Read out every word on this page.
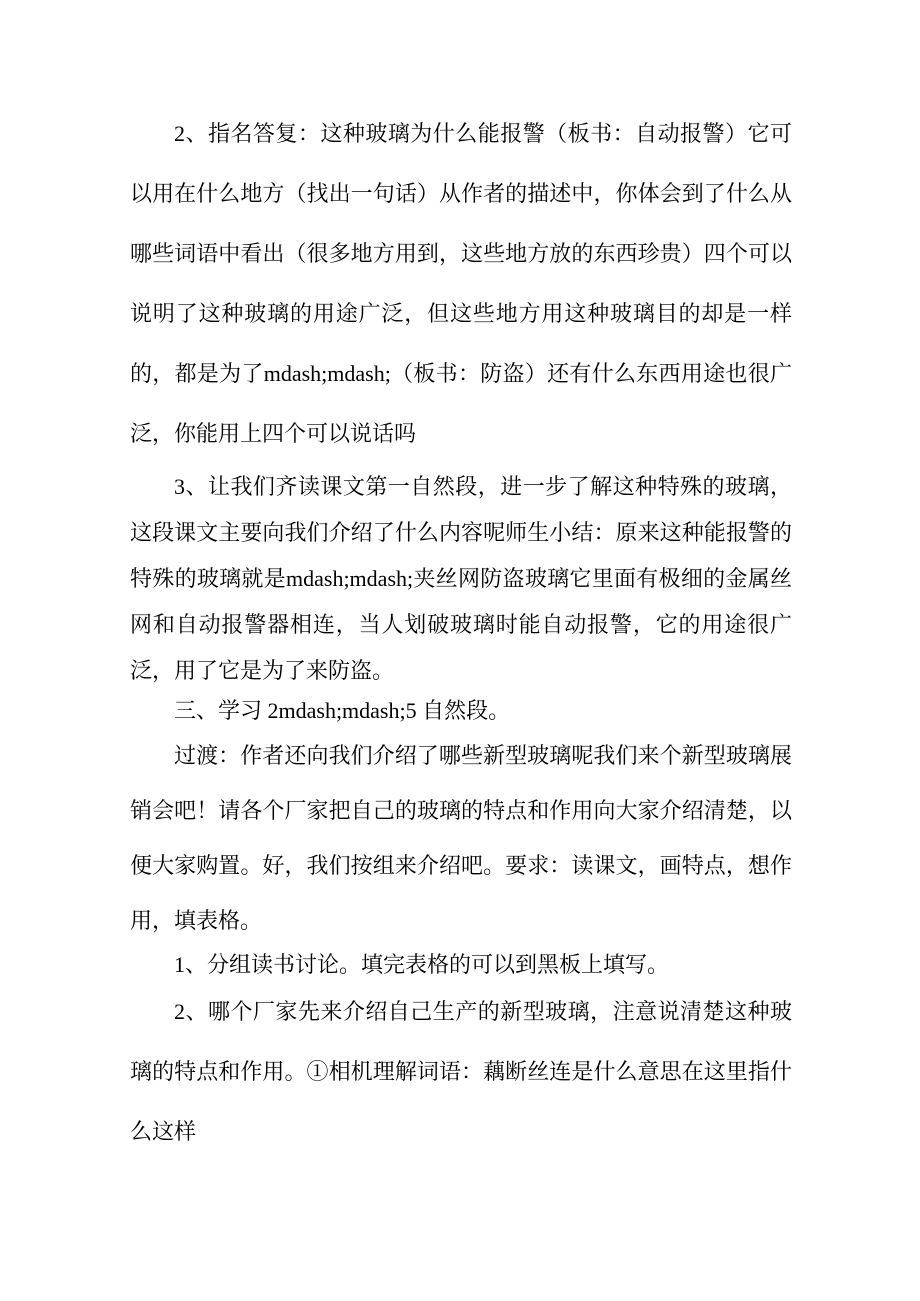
2、指名答复：这种玻璃为什么能报警（板书：自动报警）它可以用在什么地方（找出一句话）从作者的描述中，你体会到了什么从哪些词语中看出（很多地方用到，这些地方放的东西珍贵）四个可以说明了这种玻璃的用途广泛，但这些地方用这种玻璃目的却是一样的，都是为了mdash;mdash;（板书：防盗）还有什么东西用途也很广泛，你能用上四个可以说话吗

3、让我们齐读课文第一自然段，进一步了解这种特殊的玻璃，这段课文主要向我们介绍了什么内容呢师生小结：原来这种能报警的特殊的玻璃就是mdash;mdash;夹丝网防盗玻璃它里面有极细的金属丝网和自动报警器相连，当人划破玻璃时能自动报警，它的用途很广泛，用了它是为了来防盗。

三、学习 2mdash;mdash;5 自然段。

过渡：作者还向我们介绍了哪些新型玻璃呢我们来个新型玻璃展销会吧！请各个厂家把自己的玻璃的特点和作用向大家介绍清楚，以便大家购置。好，我们按组来介绍吧。要求：读课文，画特点，想作用，填表格。

1、分组读书讨论。填完表格的可以到黑板上填写。

2、哪个厂家先来介绍自己生产的新型玻璃，注意说清楚这种玻璃的特点和作用。①相机理解词语：藕断丝连是什么意思在这里指什么这样
